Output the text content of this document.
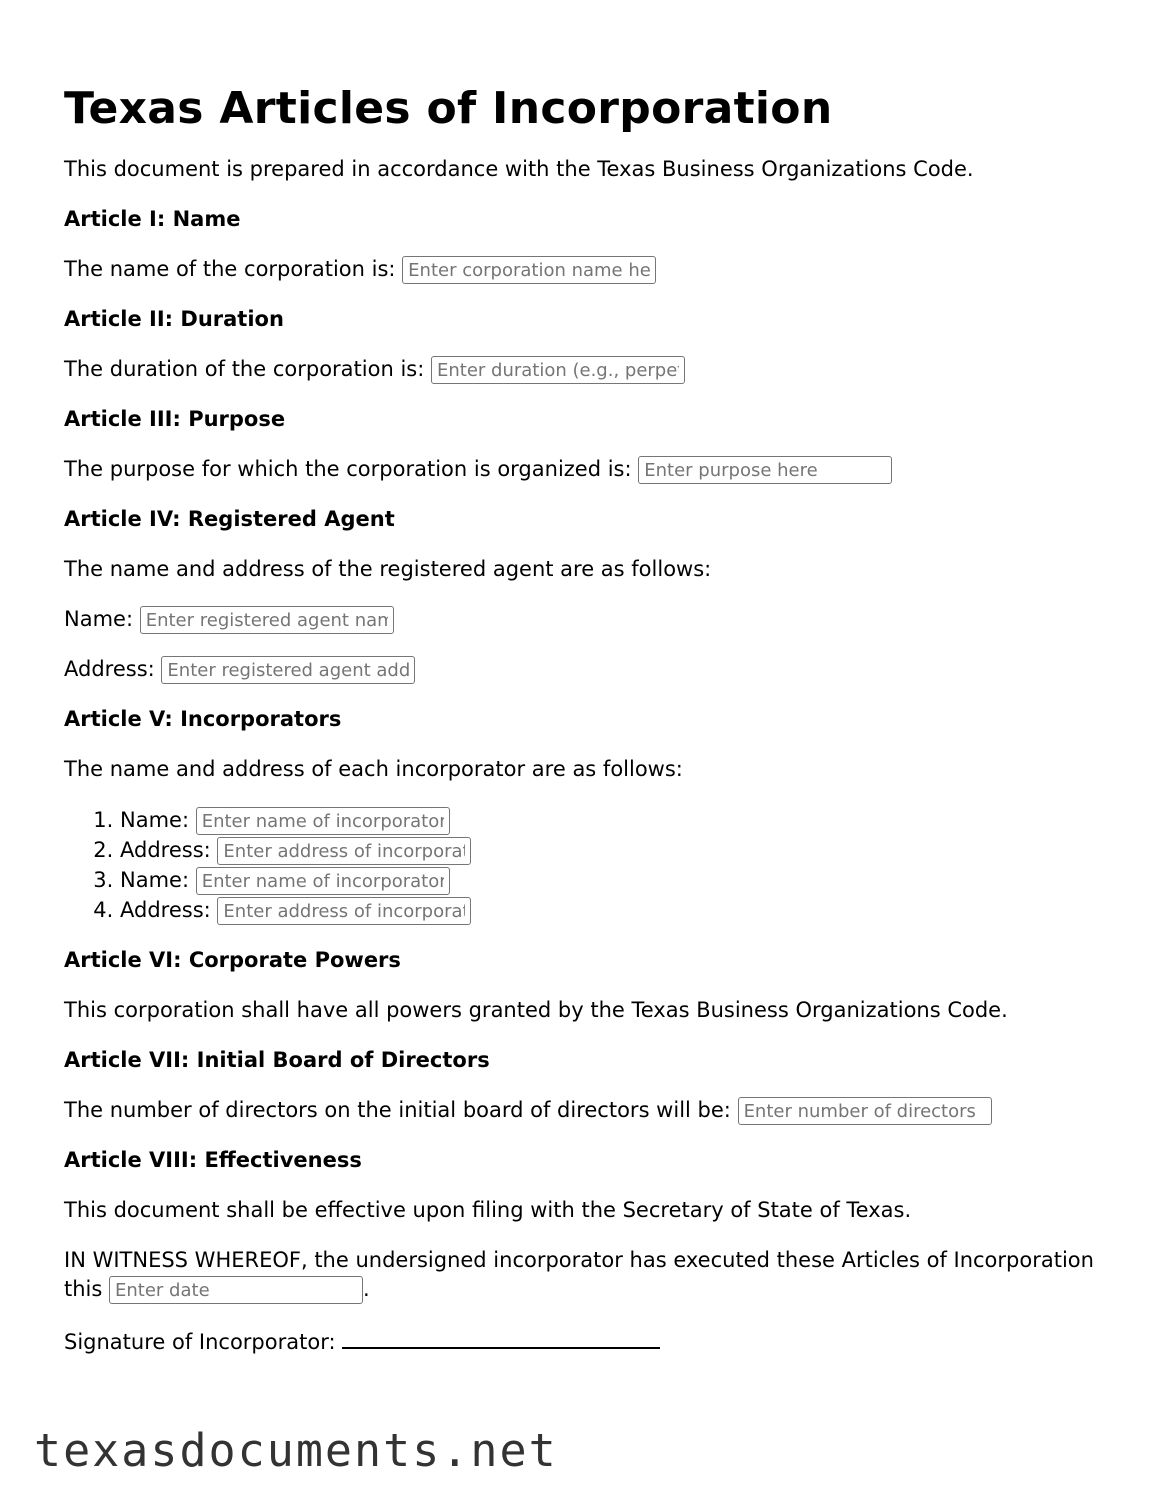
Texas Articles of Incorporation

This document is prepared in accordance with the Texas Business Organizations Code.

Article I: Name

The name of the corporation is: Enter corporation name here

Article II: Duration

The duration of the corporation is: Enter duration (e.g., perpetual)

Article III: Purpose

The purpose for which the corporation is organized is: Enter purpose here

Article IV: Registered Agent

The name and address of the registered agent are as follows:

Name: Enter registered agent name

Address: Enter registered agent address

Article V: Incorporators

The name and address of each incorporator are as follows:

1. Name: Enter name of incorporator
2. Address: Enter address of incorporator
3. Name: Enter name of incorporator
4. Address: Enter address of incorporator
Article VI: Corporate Powers

This corporation shall have all powers granted by the Texas Business Organizations Code.

Article VII: Initial Board of Directors

The number of directors on the initial board of directors will be: Enter number of directors

Article VIII: Effectiveness

This document shall be effective upon filing with the Secretary of State of Texas.

IN WITNESS WHEREOF, the undersigned incorporator has executed these Articles of Incorporation this Enter date	.

Signature of Incorporator:

texasdocuments.net
